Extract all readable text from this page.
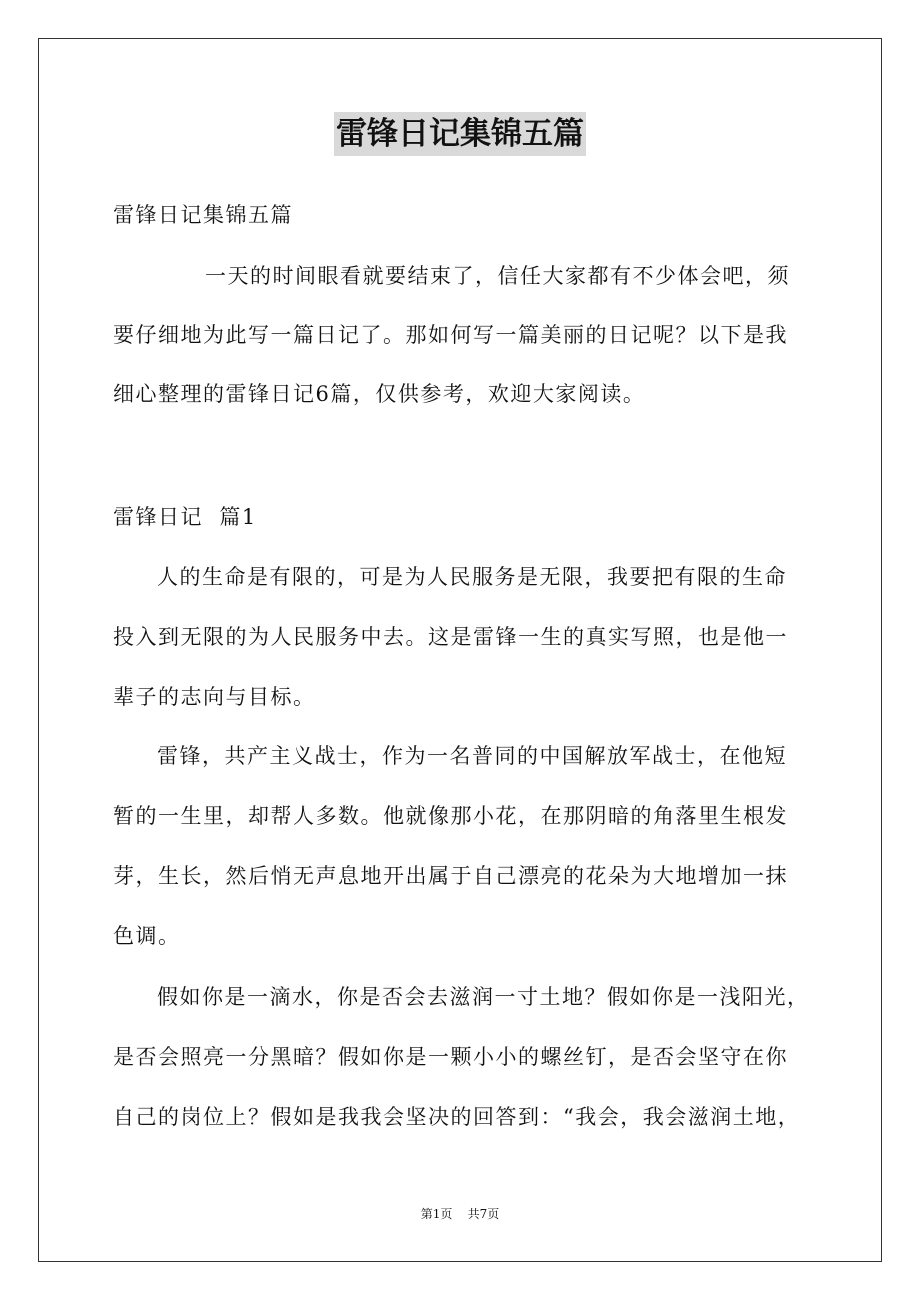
雷锋日记集锦五篇
雷锋日记集锦五篇
一天的时间眼看就要结束了，信任大家都有不少体会吧，须
要仔细地为此写一篇日记了。那如何写一篇美丽的日记呢？以下是我
细心整理的雷锋日记6篇，仅供参考，欢迎大家阅读。
雷锋日记  篇1
人的生命是有限的，可是为人民服务是无限，我要把有限的生命
投入到无限的为人民服务中去。这是雷锋一生的真实写照，也是他一
辈子的志向与目标。
雷锋，共产主义战士，作为一名普同的中国解放军战士，在他短
暂的一生里，却帮人多数。他就像那小花，在那阴暗的角落里生根发
芽，生长，然后悄无声息地开出属于自己漂亮的花朵为大地增加一抹
色调。
假如你是一滴水，你是否会去滋润一寸土地？假如你是一浅阳光，
是否会照亮一分黑暗？假如你是一颗小小的螺丝钉，是否会坚守在你
自己的岗位上？假如是我我会坚决的回答到：“我会，我会滋润土地，
第1页    共7页
